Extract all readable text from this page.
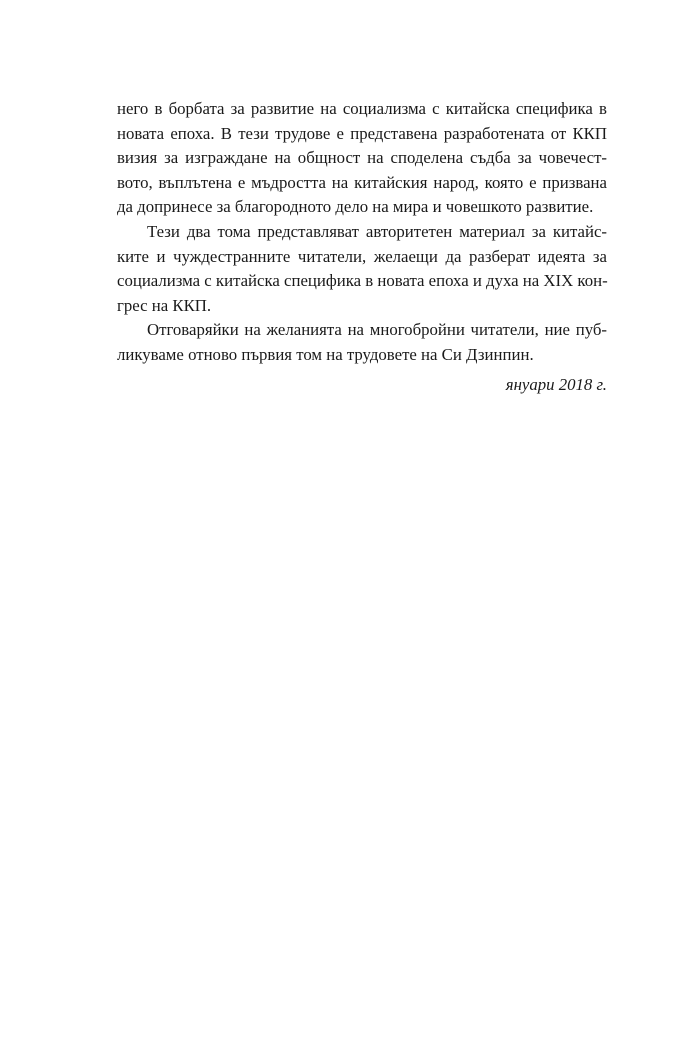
него в борбата за развитие на социализма с китайска специфика в
новата епоха. В тези трудове е представена разработената от ККП
визия за изграждане на общност на споделена съдба за човечест-
вото, въплътена е мъдростта на китайския народ, която е призвана
да допринесе за благородното дело на мира и човешкото развитие.
Тези два тома представляват авторитетен материал за китайс-
ките и чуждестранните читатели, желаещи да разберат идеята за
социализма с китайска специфика в новата епоха и духа на XIX кон-
грес на ККП.
Отговаряйки на желанията на многобройни читатели, ние пуб-
ликуваме отново първия том на трудовете на Си Дзинпин.
януари 2018 г.
